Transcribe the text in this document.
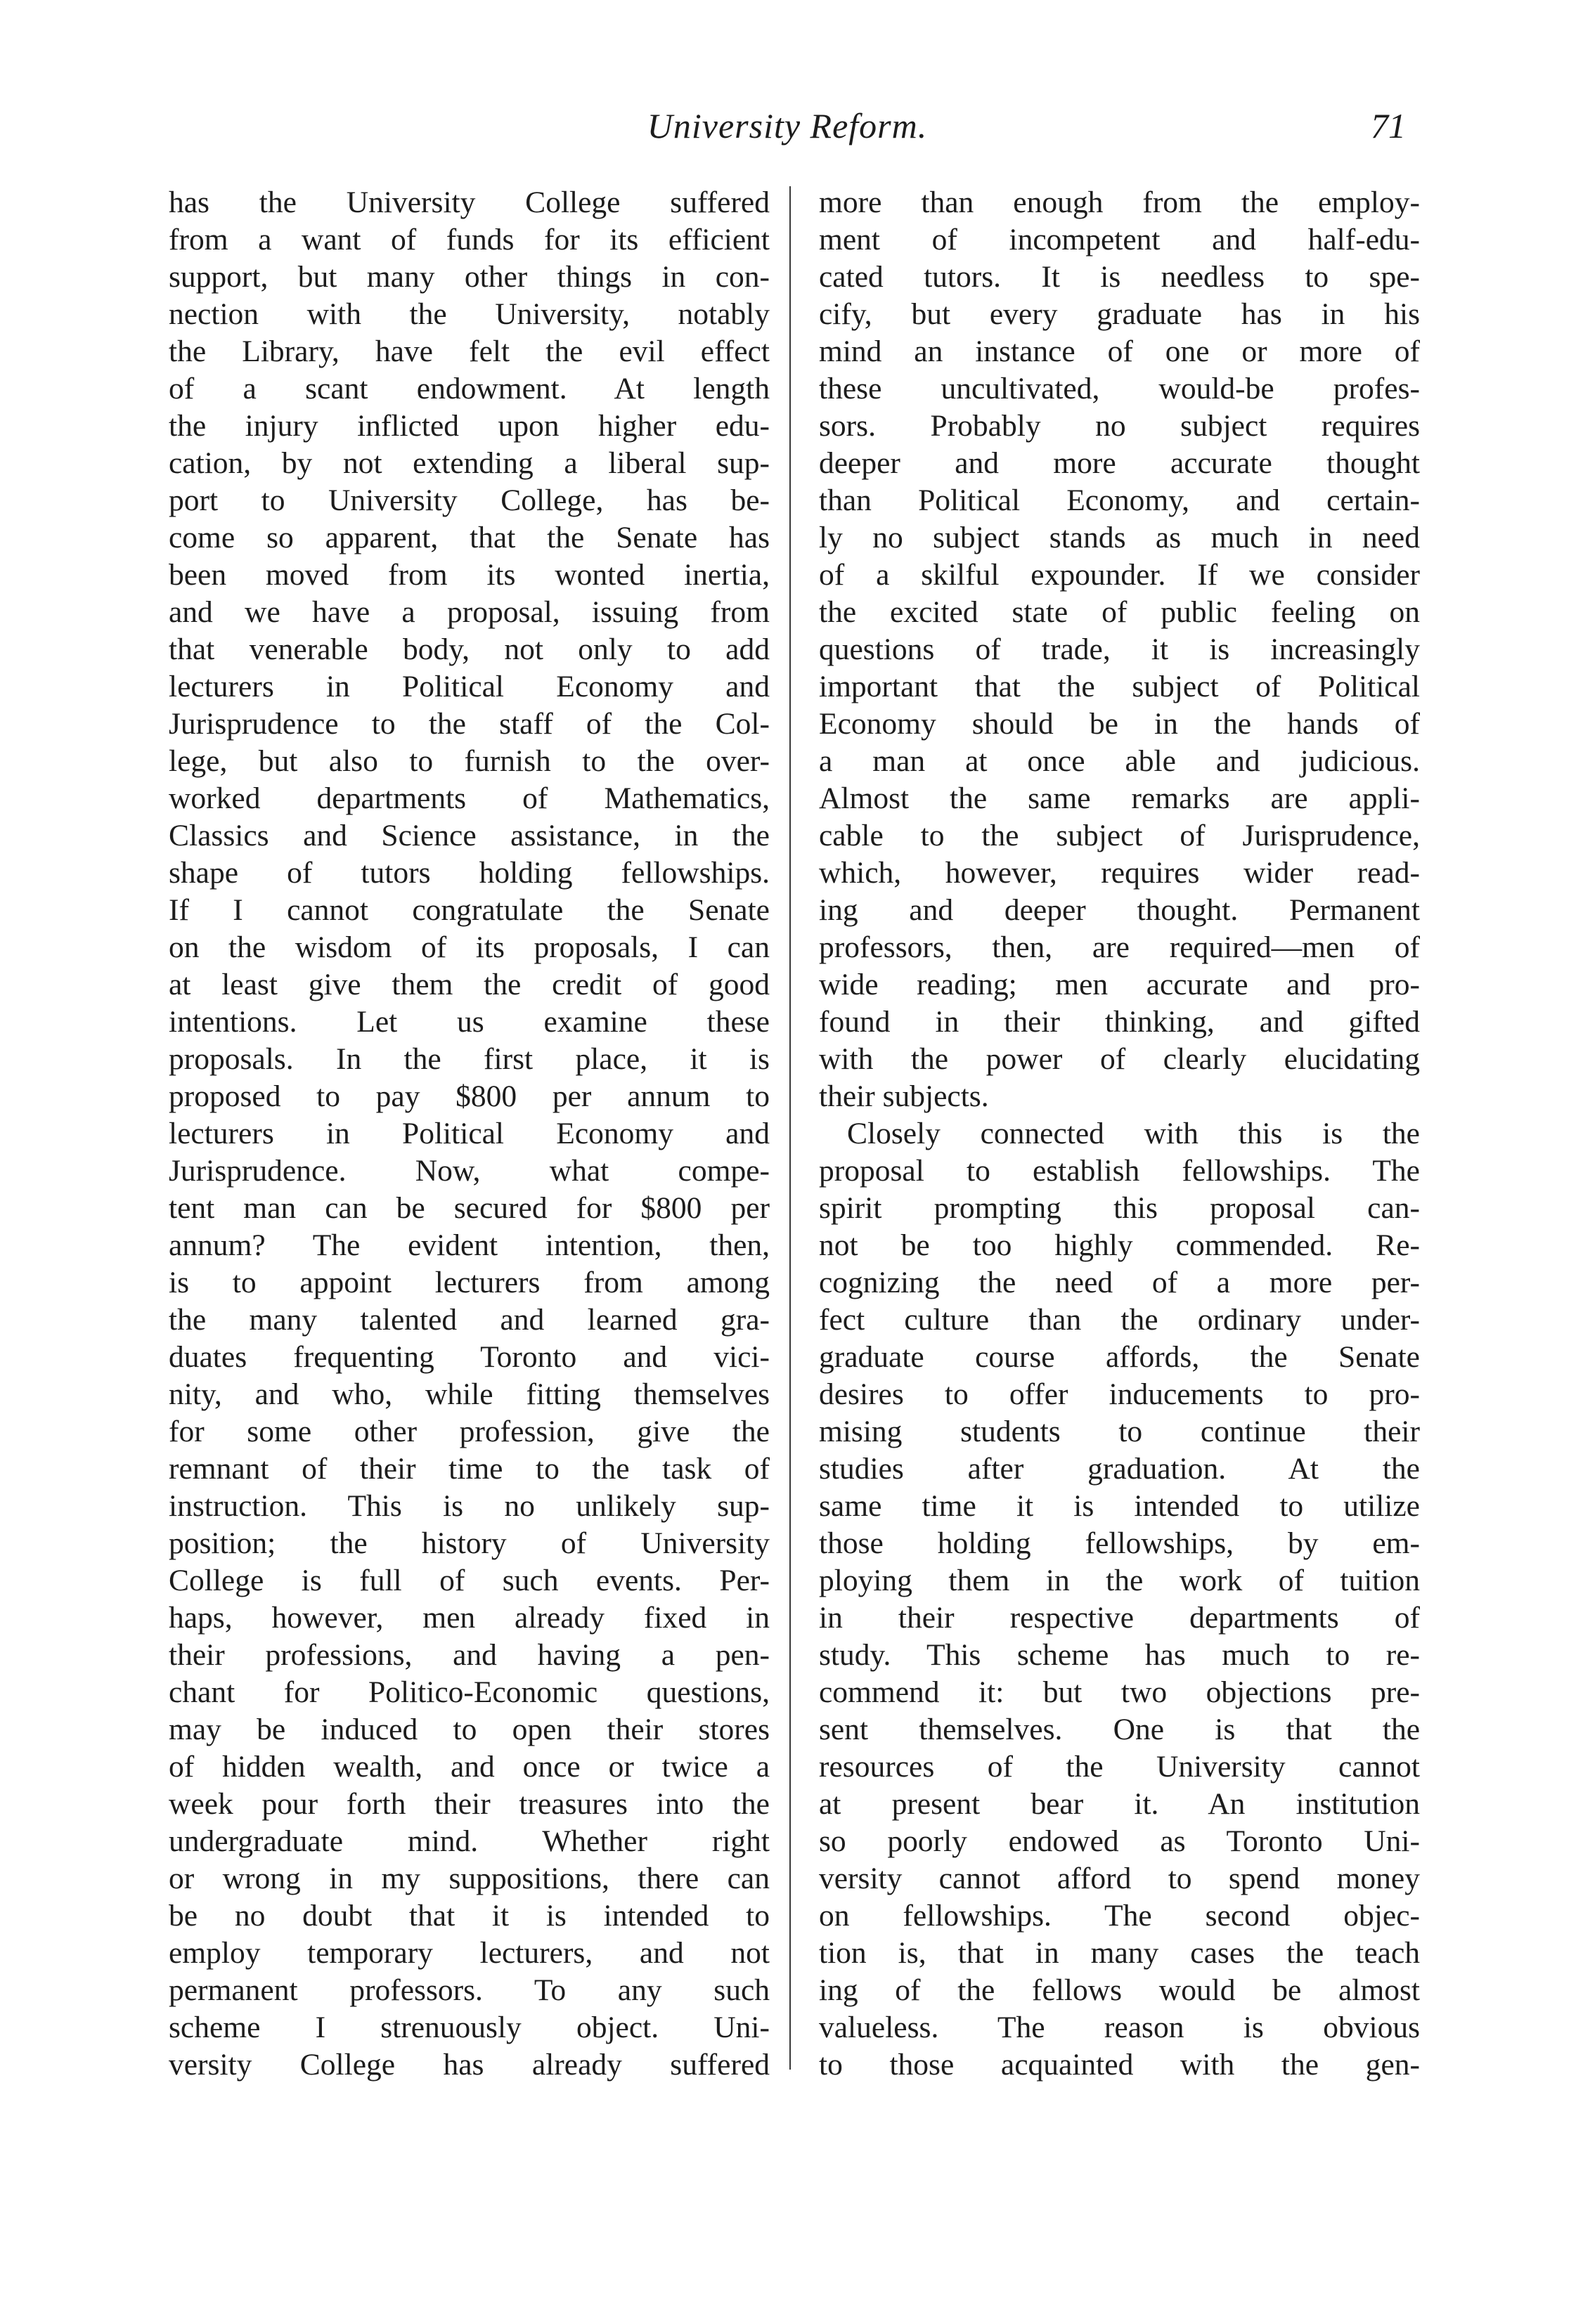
University Reform.	71
has the University College suffered
from a want of funds for its efficient
support, but many other things in con-
nection with the University, notably
the Library, have felt the evil effect
of a scant endowment. At length
the injury inflicted upon higher edu-
cation, by not extending a liberal sup-
port to University College, has be-
come so apparent, that the Senate has
been moved from its wonted inertia,
and we have a proposal, issuing from
that venerable body, not only to add
lecturers in Political Economy and
Jurisprudence to the staff of the Col-
lege, but also to furnish to the over-
worked departments of Mathematics,
Classics and Science assistance, in the
shape of tutors holding fellowships.
If I cannot congratulate the Senate
on the wisdom of its proposals, I can
at least give them the credit of good
intentions. Let us examine these
proposals. In the first place, it is
proposed to pay $800 per annum to
lecturers in Political Economy and
Jurisprudence. Now, what compe-
tent man can be secured for $800 per
annum? The evident intention, then,
is to appoint lecturers from among
the many talented and learned gra-
duates frequenting Toronto and vici-
nity, and who, while fitting themselves
for some other profession, give the
remnant of their time to the task of
instruction. This is no unlikely sup-
position; the history of University
College is full of such events. Per-
haps, however, men already fixed in
their professions, and having a pen-
chant for Politico-Economic questions,
may be induced to open their stores
of hidden wealth, and once or twice a
week pour forth their treasures into the
undergraduate mind. Whether right
or wrong in my suppositions, there can
be no doubt that it is intended to
employ temporary lecturers, and not
permanent professors. To any such
scheme I strenuously object. Uni-
versity College has already suffered
more than enough from the employ-
ment of incompetent and half-edu-
cated tutors. It is needless to spe-
cify, but every graduate has in his
mind an instance of one or more of
these uncultivated, would-be profes-
sors. Probably no subject requires
deeper and more accurate thought
than Political Economy, and certain-
ly no subject stands as much in need
of a skilful expounder. If we consider
the excited state of public feeling on
questions of trade, it is increasingly
important that the subject of Political
Economy should be in the hands of
a man at once able and judicious.
Almost the same remarks are appli-
cable to the subject of Jurisprudence,
which, however, requires wider read-
ing and deeper thought. Permanent
professors, then, are required—men of
wide reading; men accurate and pro-
found in their thinking, and gifted
with the power of clearly elucidating
their subjects.
Closely connected with this is the
proposal to establish fellowships. The
spirit prompting this proposal can-
not be too highly commended. Re-
cognizing the need of a more per-
fect culture than the ordinary under-
graduate course affords, the Senate
desires to offer inducements to pro-
mising students to continue their
studies after graduation. At the
same time it is intended to utilize
those holding fellowships, by em-
ploying them in the work of tuition
in their respective departments of
study. This scheme has much to re-
commend it: but two objections pre-
sent themselves. One is that the
resources of the University cannot
at present bear it. An institution
so poorly endowed as Toronto Uni-
versity cannot afford to spend money
on fellowships. The second objec-
tion is, that in many cases the teach
ing of the fellows would be almost
valueless. The reason is obvious
to those acquainted with the gen-
